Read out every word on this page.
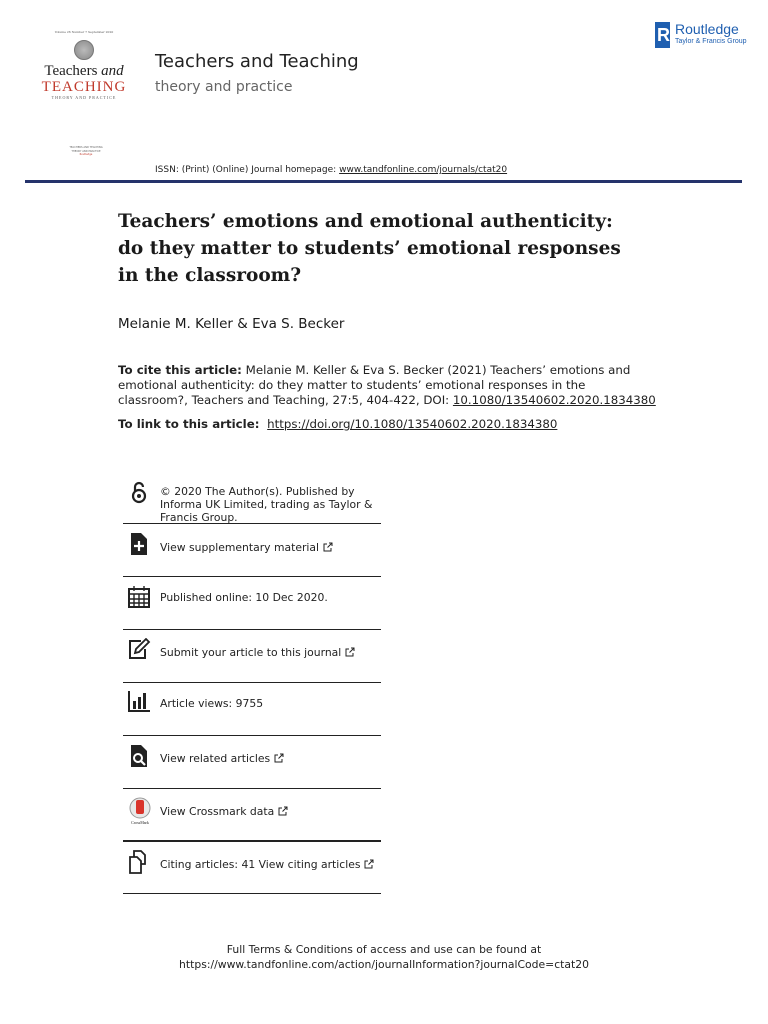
Volume 26 Number 7 September 2020
Teachers and
TEACHING
THEORY AND PRACTICE
TEACHERS AND TEACHING
THEORY AND PRACTICE
Routledge
Teachers and Teaching
theory and practice
R Routledge
Taylor & Francis Group
ISSN: (Print) (Online) Journal homepage: www.tandfonline.com/journals/ctat20
Teachers’ emotions and emotional authenticity: do they matter to students’ emotional responses in the classroom?
Melanie M. Keller & Eva S. Becker
To cite this article: Melanie M. Keller & Eva S. Becker (2021) Teachers’ emotions and emotional authenticity: do they matter to students’ emotional responses in the classroom?, Teachers and Teaching, 27:5, 404-422, DOI: 10.1080/13540602.2020.1834380
To link to this article: https://doi.org/10.1080/13540602.2020.1834380
© 2020 The Author(s). Published by Informa UK Limited, trading as Taylor & Francis Group.
View supplementary material
Published online: 10 Dec 2020.
Submit your article to this journal
Article views: 9755
View related articles
CrossMark
View Crossmark data
Citing articles: 41 View citing articles
Full Terms & Conditions of access and use can be found at
https://www.tandfonline.com/action/journalInformation?journalCode=ctat20
